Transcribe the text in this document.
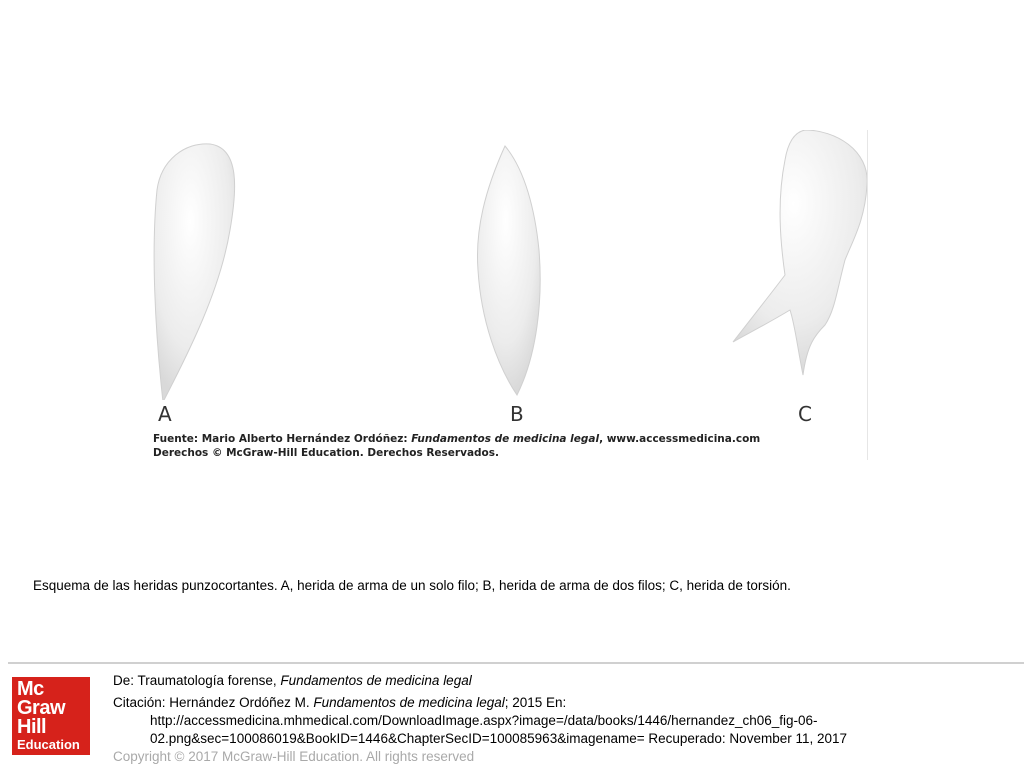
A	B	C
Fuente: Mario Alberto Hernández Ordóñez: Fundamentos de medicina legal, www.accessmedicina.com
Derechos © McGraw-Hill Education. Derechos Reservados.
Esquema de las heridas punzocortantes. A, herida de arma de un solo filo; B, herida de arma de dos filos; C, herida de torsión.
Mc
Graw
Hill
Education
De: Traumatología forense, Fundamentos de medicina legal
Citación: Hernández Ordóñez M. Fundamentos de medicina legal; 2015 En:
http://accessmedicina.mhmedical.com/DownloadImage.aspx?image=/data/books/1446/hernandez_ch06_fig-06-
02.png&sec=100086019&BookID=1446&ChapterSecID=100085963&imagename= Recuperado: November 11, 2017
Copyright © 2017 McGraw-Hill Education. All rights reserved
